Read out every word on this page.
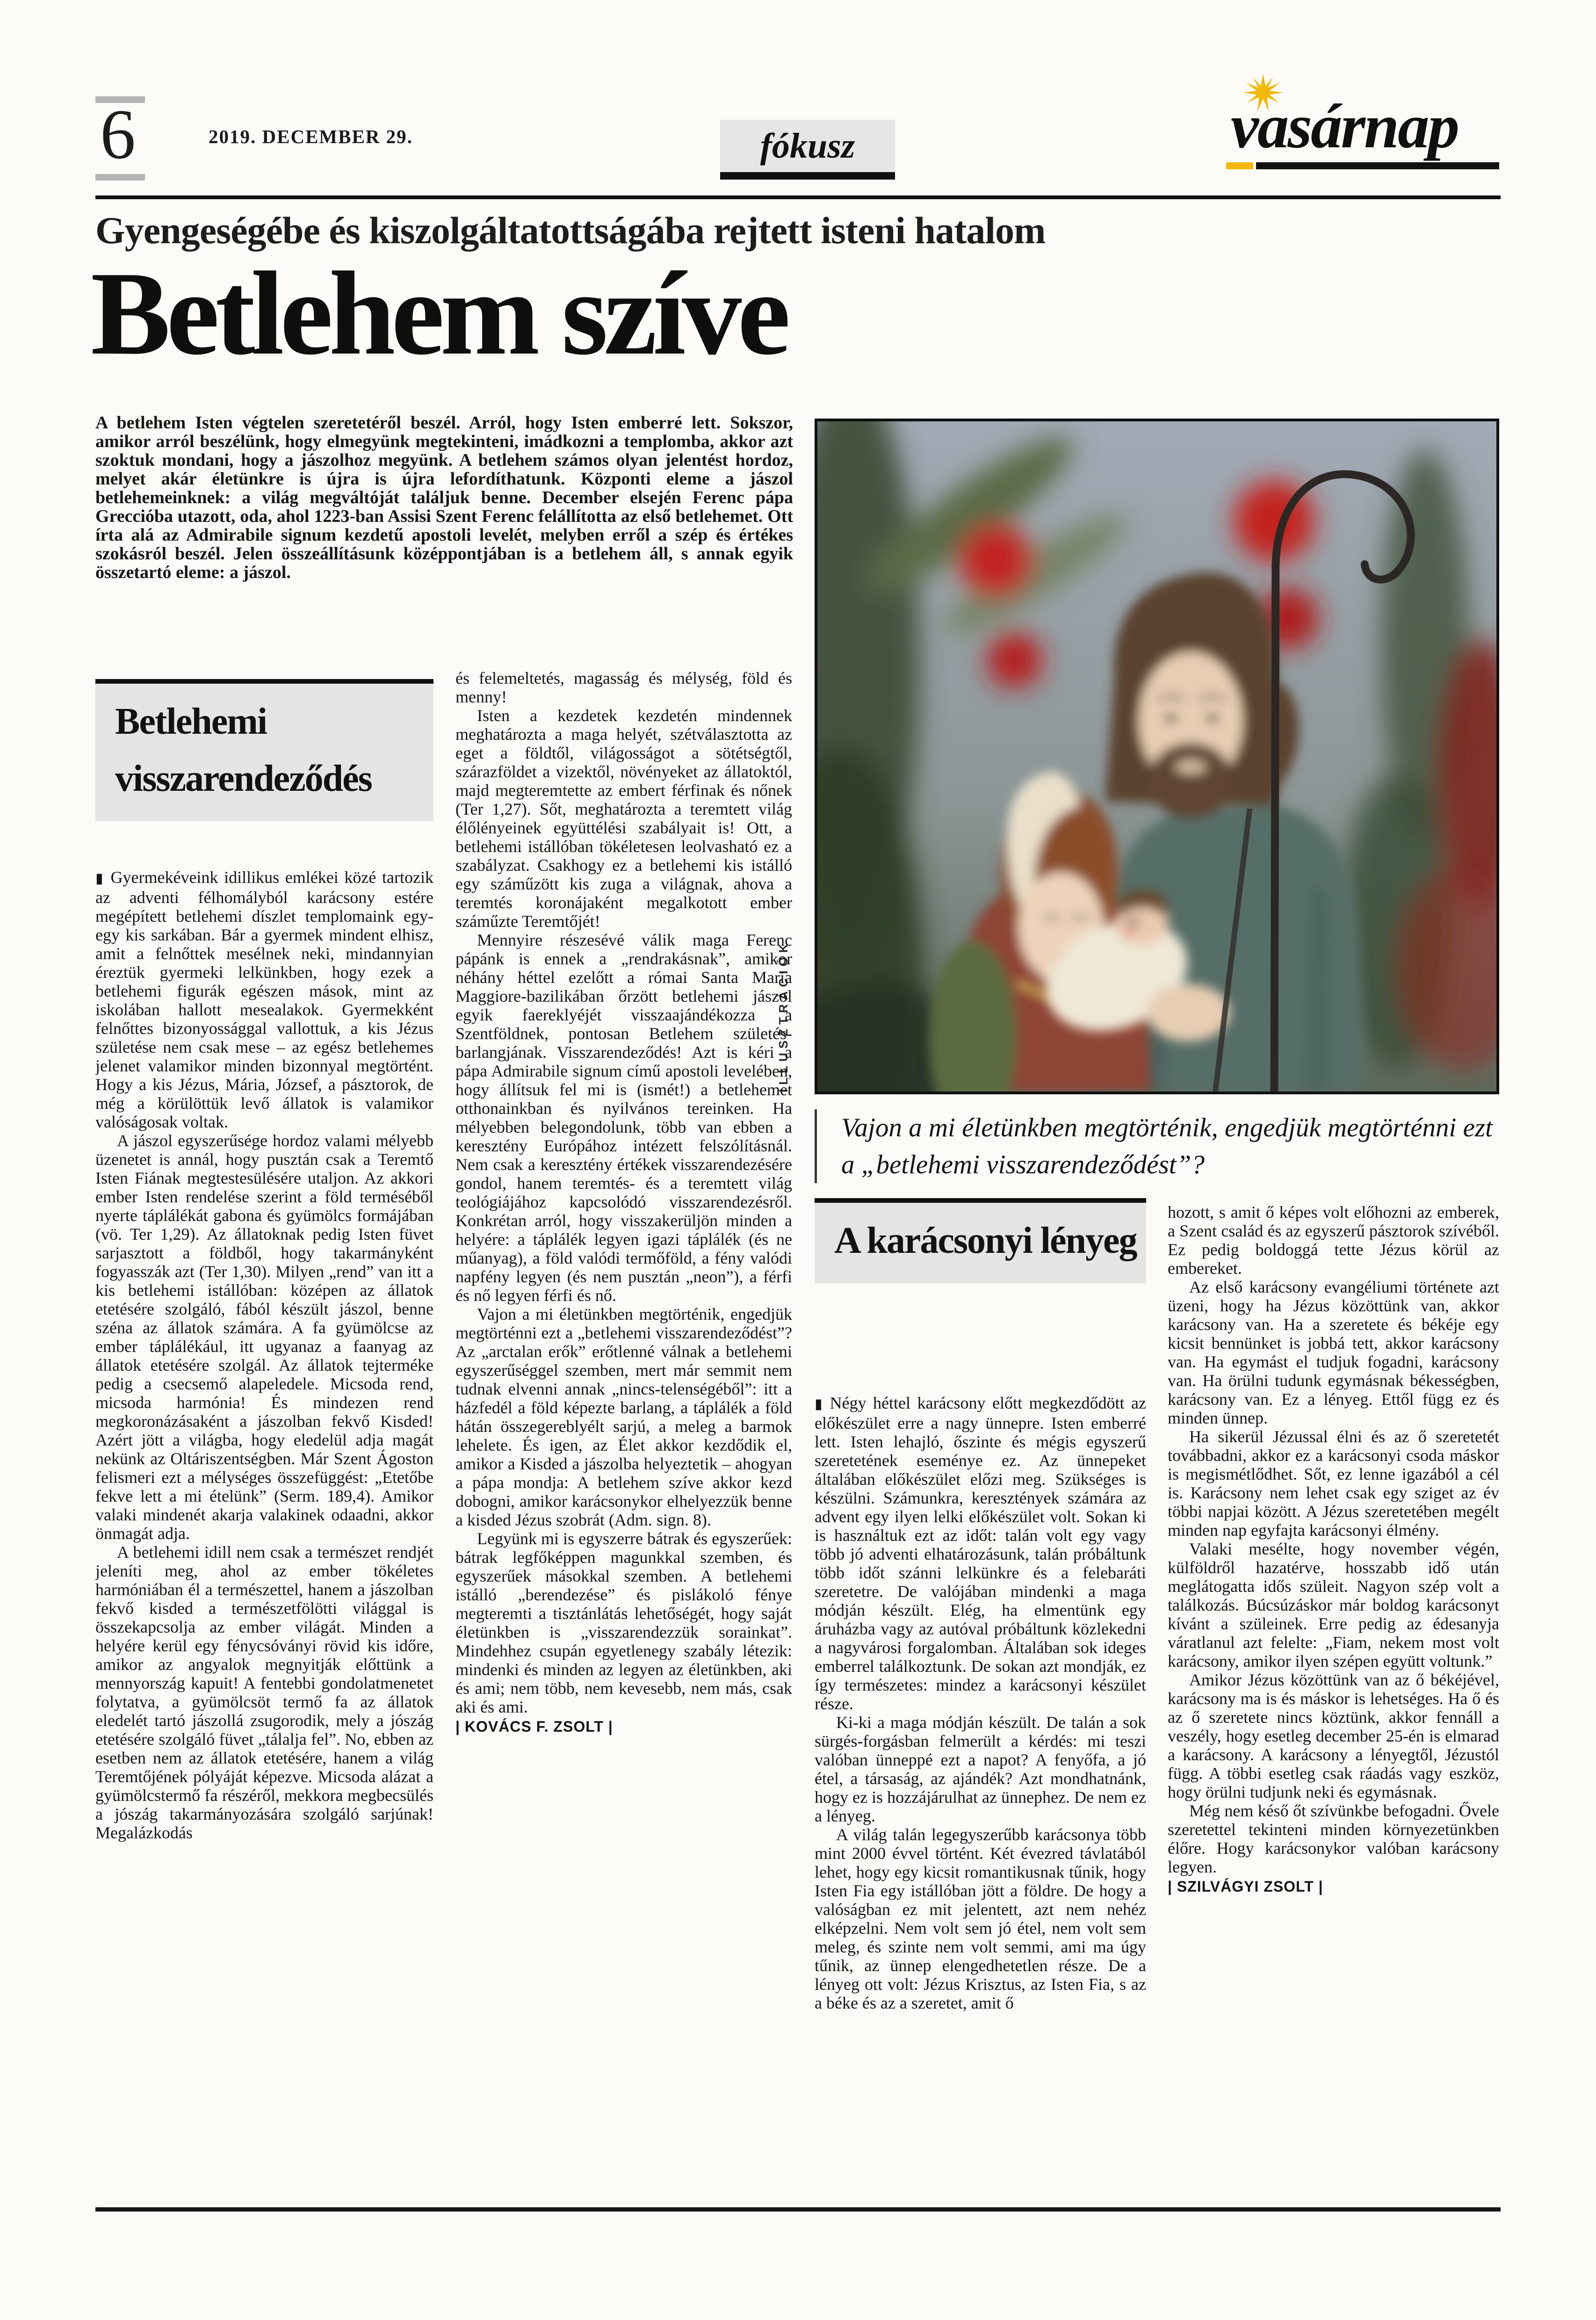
6	2019. DECEMBER 29.	fókusz	vasárnap
Gyengeségébe és kiszolgáltatottságába rejtett isteni hatalom
Betlehem szíve
A betlehem Isten végtelen szeretetéről beszél. Arról, hogy Isten emberré lett. Sokszor, amikor arról beszélünk, hogy elmegyünk megtekinteni, imádkozni a templomba, akkor azt szoktuk mondani, hogy a jászolhoz megyünk. A betlehem számos olyan jelentést hordoz, melyet akár életünkre is újra is újra lefordíthatunk. Központi eleme a jászol betlehemeinknek: a világ megváltóját találjuk benne. December elsején Ferenc pápa Greccióba utazott, oda, ahol 1223-ban Assisi Szent Ferenc felállította az első betlehemet. Ott írta alá az Admirabile signum kezdetű apostoli levelét, melyben erről a szép és értékes szokásról beszél. Jelen összeállításunk középpontjában is a betlehem áll, s annak egyik összetartó eleme: a jászol.
ILLUSZTRÁCIÓK
Vajon a mi életünkben megtörténik, engedjük megtörténni ezt a „betlehemi visszarendeződést”?
Betlehemi visszarendeződés

▮ Gyermekéveink idillikus emlékei közé tartozik az adventi félhomályból karácsony estére megépített betlehemi díszlet templomaink egy-egy kis sarkában. Bár a gyermek mindent elhisz, amit a felnőttek mesélnek neki, mindannyian éreztük gyermeki lelkünkben, hogy ezek a betlehemi figurák egészen mások, mint az iskolában hallott mesealakok. Gyermekként felnőttes bizonyossággal vallottuk, a kis Jézus születése nem csak mese – az egész betlehemes jelenet valamikor minden bizonnyal megtörtént. Hogy a kis Jézus, Mária, József, a pásztorok, de még a körülöttük levő állatok is valamikor valóságosak voltak.

A jászol egyszerűsége hordoz valami mélyebb üzenetet is annál, hogy pusztán csak a Teremtő Isten Fiának megtestesülésére utaljon. Az akkori ember Isten rendelése szerint a föld terméséből nyerte táplálékát gabona és gyümölcs formájában (vö. Ter 1,29). Az állatoknak pedig Isten füvet sarjasztott a földből, hogy takarmányként fogyasszák azt (Ter 1,30). Milyen „rend” van itt a kis betlehemi istállóban: középen az állatok etetésére szolgáló, fából készült jászol, benne széna az állatok számára. A fa gyümölcse az ember táplálékául, itt ugyanaz a faanyag az állatok etetésére szolgál. Az állatok tejterméke pedig a csecsemő alapeledele. Micsoda rend, micsoda harmónia! És mindezen rend megkoronázásaként a jászolban fekvő Kisded! Azért jött a világba, hogy eledelül adja magát nekünk az Oltáriszentségben. Már Szent Ágoston felismeri ezt a mélységes összefüggést: „Etetőbe fekve lett a mi ételünk” (Serm. 189,4). Amikor valaki mindenét akarja valakinek odaadni, akkor önmagát adja.

A betlehemi idill nem csak a természet rendjét jeleníti meg, ahol az ember tökéletes harmóniában él a természettel, hanem a jászolban fekvő kisded a természetfölötti világgal is összekapcsolja az ember világát. Minden a helyére kerül egy fénycsóványi rövid kis időre, amikor az angyalok megnyitják előttünk a mennyország kapuit! A fentebbi gondolatmenetet folytatva, a gyümölcsöt termő fa az állatok eledelét tartó jászollá zsugorodik, mely a jószág etetésére szolgáló füvet „tálalja fel”. No, ebben az esetben nem az állatok etetésére, hanem a világ Teremtőjének pólyáját képezve. Micsoda alázat a gyümölcstermő fa részéről, mekkora megbecsülés a jószág takarmányozására szolgáló sarjúnak! Megalázkodás

és felemeltetés, magasság és mélység, föld és menny!

Isten a kezdetek kezdetén mindennek meghatározta a maga helyét, szétválasztotta az eget a földtől, világosságot a sötétségtől, szárazföldet a vizektől, növényeket az állatoktól, majd megteremtette az embert férfinak és nőnek (Ter 1,27). Sőt, meghatározta a teremtett világ élőlényeinek együttélési szabályait is! Ott, a betlehemi istállóban tökéletesen leolvasható ez a szabályzat. Csakhogy ez a betlehemi kis istálló egy száműzött kis zuga a világnak, ahova a teremtés koronájaként megalkotott ember száműzte Teremtőjét!

Mennyire részesévé válik maga Ferenc pápánk is ennek a „rendrakásnak”, amikor néhány héttel ezelőtt a római Santa Maria Maggiore-bazilikában őrzött betlehemi jászol egyik faereklyéjét visszaajándékozza a Szentföldnek, pontosan Betlehem születés-barlangjának. Visszarendeződés! Azt is kéri a pápa Admirabile signum című apostoli levelében, hogy állítsuk fel mi is (ismét!) a betlehemet otthonainkban és nyilvános tereinken. Ha mélyebben belegondolunk, több van ebben a keresztény Európához intézett felszólításnál. Nem csak a keresztény értékek visszarendezésére gondol, hanem teremtés- és a teremtett világ teológiájához kapcsolódó visszarendezésről. Konkrétan arról, hogy visszakerüljön minden a helyére: a táplálék legyen igazi táplálék (és ne műanyag), a föld valódi termőföld, a fény valódi napfény legyen (és nem pusztán „neon”), a férfi és nő legyen férfi és nő.

Vajon a mi életünkben megtörténik, engedjük megtörténni ezt a „betlehemi visszarendeződést”? Az „arctalan erők” erőtlenné válnak a betlehemi egyszerűséggel szemben, mert már semmit nem tudnak elvenni annak „nincs-telenségéből”: itt a házfedél a föld képezte barlang, a táplálék a föld hátán összegereblyélt sarjú, a meleg a barmok lehelete. És igen, az Élet akkor kezdődik el, amikor a Kisded a jászolba helyeztetik – ahogyan a pápa mondja: A betlehem szíve akkor kezd dobogni, amikor karácsonykor elhelyezzük benne a kisded Jézus szobrát (Adm. sign. 8).

Legyünk mi is egyszerre bátrak és egyszerűek: bátrak legfőképpen magunkkal szemben, és egyszerűek másokkal szemben. A betlehemi istálló „berendezése” és pislákoló fénye megteremti a tisztánlátás lehetőségét, hogy saját életünkben is „visszarendezzük sorainkat”. Mindehhez csupán egyetlenegy szabály létezik: mindenki és minden az legyen az életünkben, aki és ami; nem több, nem kevesebb, nem más, csak aki és ami.

| KOVÁCS F. ZSOLT |

A karácsonyi lényeg

▮ Négy héttel karácsony előtt megkezdődött az előkészület erre a nagy ünnepre. Isten emberré lett. Isten lehajló, őszinte és mégis egyszerű szeretetének eseménye ez. Az ünnepeket általában előkészület előzi meg. Szükséges is készülni. Számunkra, keresztények számára az advent egy ilyen lelki előkészület volt. Sokan ki is használtuk ezt az időt: talán volt egy vagy több jó adventi elhatározásunk, talán próbáltunk több időt szánni lelkünkre és a felebaráti szeretetre. De valójában mindenki a maga módján készült. Elég, ha elmentünk egy áruházba vagy az autóval próbáltunk közlekedni a nagyvárosi forgalomban. Általában sok ideges emberrel találkoztunk. De sokan azt mondják, ez így természetes: mindez a karácsonyi készület része.

Ki-ki a maga módján készült. De talán a sok sürgés-forgásban felmerült a kérdés: mi teszi valóban ünneppé ezt a napot? A fenyőfa, a jó étel, a társaság, az ajándék? Azt mondhatnánk, hogy ez is hozzájárulhat az ünnephez. De nem ez a lényeg.

A világ talán legegyszerűbb karácsonya több mint 2000 évvel történt. Két évezred távlatából lehet, hogy egy kicsit romantikusnak tűnik, hogy Isten Fia egy istállóban jött a földre. De hogy a valóságban ez mit jelentett, azt nem nehéz elképzelni. Nem volt sem jó étel, nem volt sem meleg, és szinte nem volt semmi, ami ma úgy tűnik, az ünnep elengedhetetlen része. De a lényeg ott volt: Jézus Krisztus, az Isten Fia, s az a béke és az a szeretet, amit ő

hozott, s amit ő képes volt előhozni az emberek, a Szent család és az egyszerű pásztorok szívéből. Ez pedig boldoggá tette Jézus körül az embereket.

Az első karácsony evangéliumi története azt üzeni, hogy ha Jézus közöttünk van, akkor karácsony van. Ha a szeretete és békéje egy kicsit bennünket is jobbá tett, akkor karácsony van. Ha egymást el tudjuk fogadni, karácsony van. Ha örülni tudunk egymásnak békességben, karácsony van. Ez a lényeg. Ettől függ ez és minden ünnep.

Ha sikerül Jézussal élni és az ő szeretetét továbbadni, akkor ez a karácsonyi csoda máskor is megismétlődhet. Sőt, ez lenne igazából a cél is. Karácsony nem lehet csak egy sziget az év többi napjai között. A Jézus szeretetében megélt minden nap egyfajta karácsonyi élmény.

Valaki mesélte, hogy november végén, külföldről hazatérve, hosszabb idő után meglátogatta idős szüleit. Nagyon szép volt a találkozás. Búcsúzáskor már boldog karácsonyt kívánt a szüleinek. Erre pedig az édesanyja váratlanul azt felelte: „Fiam, nekem most volt karácsony, amikor ilyen szépen együtt voltunk.”

Amikor Jézus közöttünk van az ő békéjével, karácsony ma is és máskor is lehetséges. Ha ő és az ő szeretete nincs köztünk, akkor fennáll a veszély, hogy esetleg december 25-én is elmarad a karácsony. A karácsony a lényegtől, Jézustól függ. A többi esetleg csak ráadás vagy eszköz, hogy örülni tudjunk neki és egymásnak.

Még nem késő őt szívünkbe befogadni. Ővele szeretettel tekinteni minden környezetünkben élőre. Hogy karácsonykor valóban karácsony legyen.

| SZILVÁGYI ZSOLT |
